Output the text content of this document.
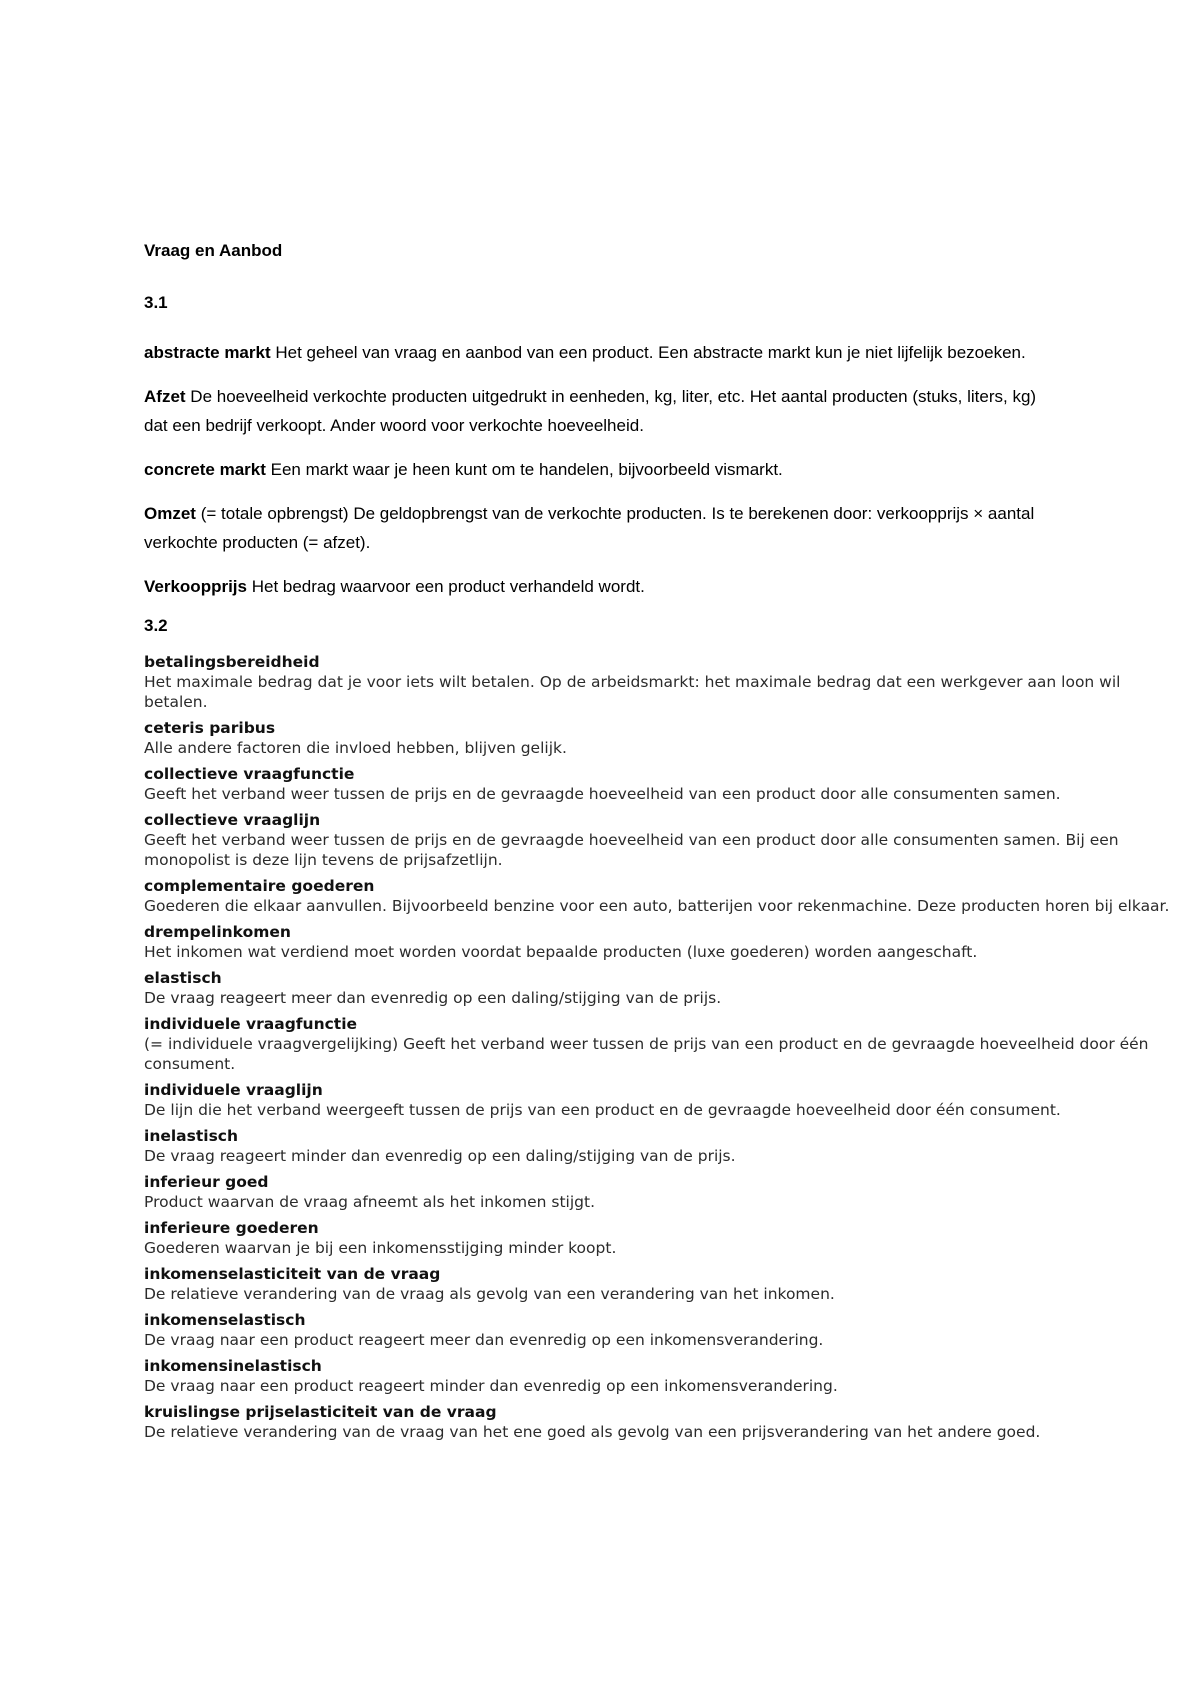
Vraag en Aanbod
3.1

abstracte markt Het geheel van vraag en aanbod van een product. Een abstracte markt kun je niet lijfelijk bezoeken.

Afzet De hoeveelheid verkochte producten uitgedrukt in eenheden, kg, liter, etc. Het aantal producten (stuks, liters, kg) dat een bedrijf verkoopt. Ander woord voor verkochte hoeveelheid.

concrete markt Een markt waar je heen kunt om te handelen, bijvoorbeeld vismarkt.

Omzet (= totale opbrengst) De geldopbrengst van de verkochte producten. Is te berekenen door: verkoopprijs × aantal verkochte producten (= afzet).

Verkoopprijs Het bedrag waarvoor een product verhandeld wordt.

3.2
betalingsbereidheid
Het maximale bedrag dat je voor iets wilt betalen. Op de arbeidsmarkt: het maximale bedrag dat een werkgever aan loon wil betalen.
ceteris paribus
Alle andere factoren die invloed hebben, blijven gelijk.
collectieve vraagfunctie
Geeft het verband weer tussen de prijs en de gevraagde hoeveelheid van een product door alle consumenten samen.
collectieve vraaglijn
Geeft het verband weer tussen de prijs en de gevraagde hoeveelheid van een product door alle consumenten samen. Bij een monopolist is deze lijn tevens de prijsafzetlijn.
complementaire goederen
Goederen die elkaar aanvullen. Bijvoorbeeld benzine voor een auto, batterijen voor rekenmachine. Deze producten horen bij elkaar.
drempelinkomen
Het inkomen wat verdiend moet worden voordat bepaalde producten (luxe goederen) worden aangeschaft.
elastisch
De vraag reageert meer dan evenredig op een daling/stijging van de prijs.
individuele vraagfunctie
(= individuele vraagvergelijking) Geeft het verband weer tussen de prijs van een product en de gevraagde hoeveelheid door één consument.
individuele vraaglijn
De lijn die het verband weergeeft tussen de prijs van een product en de gevraagde hoeveelheid door één consument.
inelastisch
De vraag reageert minder dan evenredig op een daling/stijging van de prijs.
inferieur goed
Product waarvan de vraag afneemt als het inkomen stijgt.
inferieure goederen
Goederen waarvan je bij een inkomensstijging minder koopt.
inkomenselasticiteit van de vraag
De relatieve verandering van de vraag als gevolg van een verandering van het inkomen.
inkomenselastisch
De vraag naar een product reageert meer dan evenredig op een inkomensverandering.
inkomensinelastisch
De vraag naar een product reageert minder dan evenredig op een inkomensverandering.
kruislingse prijselasticiteit van de vraag
De relatieve verandering van de vraag van het ene goed als gevolg van een prijsverandering van het andere goed.
